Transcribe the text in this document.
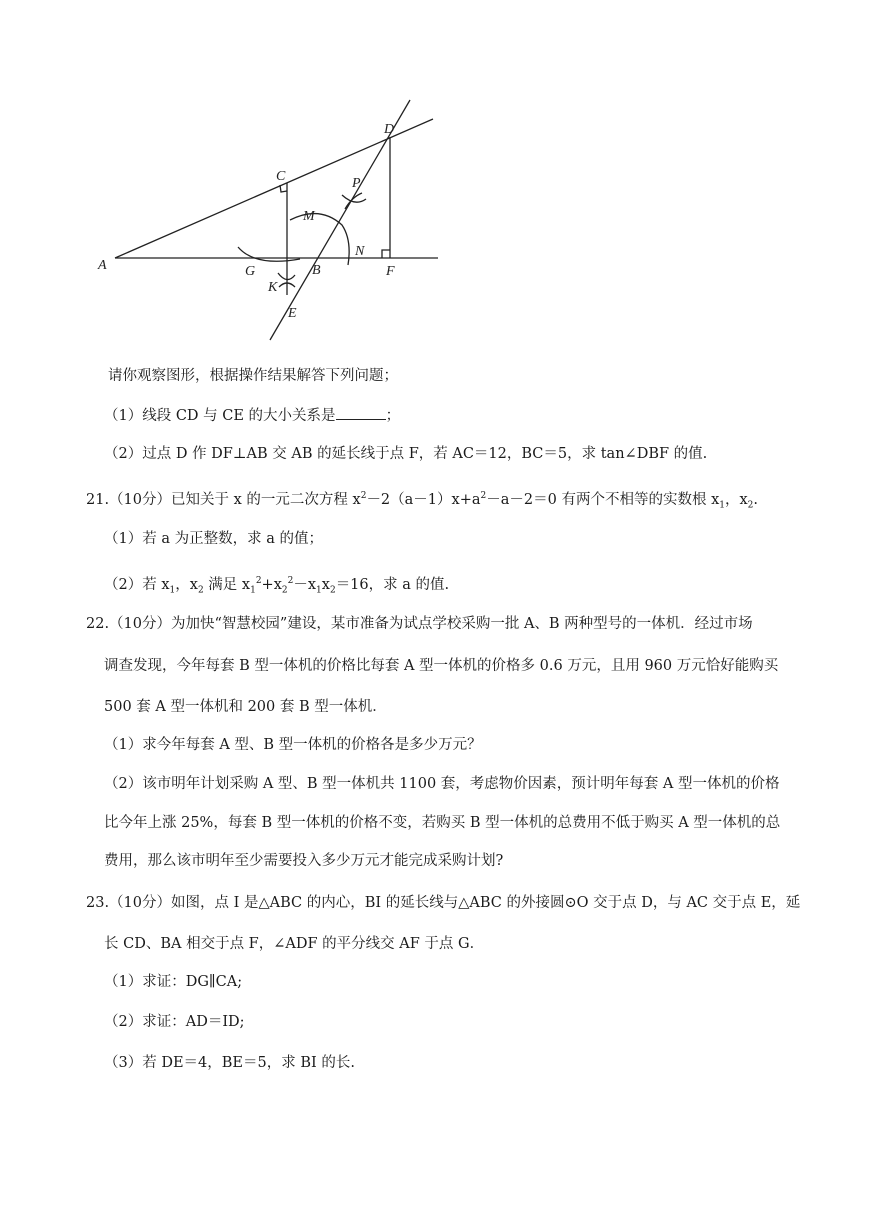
A	B
C
D
E
F
G
K
M
N
P
请你观察图形，根据操作结果解答下列问题；
（1）线段 CD 与 CE 的大小关系是	；
（2）过点 D 作 DF⊥AB 交 AB 的延长线于点 F，若 AC＝12，BC＝5，求 tan∠DBF 的值.
21.（10分）已知关于 x 的一元二次方程 $x^2-2(a-1)x+a^2-a-2=0$ 有两个不相等的实数根 $x_1$，$x_2$.
（1）若 a 为正整数，求 a 的值；
（2）若 $x_1$，$x_2$ 满足 $x_1^2+x_2^2-x_1x_2=16$，求 a 的值.
22.（10分）为加快“智慧校园”建设，某市准备为试点学校采购一批 A、B 两种型号的一体机．经过市场
调查发现，今年每套 B 型一体机的价格比每套 A 型一体机的价格多 0.6 万元，且用 960 万元恰好能购买
500 套 A 型一体机和 200 套 B 型一体机．
（1）求今年每套 A 型、B 型一体机的价格各是多少万元？
（2）该市明年计划采购 A 型、B 型一体机共 1100 套，考虑物价因素，预计明年每套 A 型一体机的价格
比今年上涨 25%，每套 B 型一体机的价格不变，若购买 B 型一体机的总费用不低于购买 A 型一体机的总
费用，那么该市明年至少需要投入多少万元才能完成采购计划?
23.（10分）如图，点 I 是△ABC 的内心，BI 的延长线与△ABC 的外接圆⊙O 交于点 D，与 AC 交于点 E，延
长 CD、BA 相交于点 F，∠ADF 的平分线交 AF 于点 G．
（1）求证：DG∥CA;
（2）求证：AD＝ID;
（3）若 DE＝4，BE＝5，求 BI 的长.
